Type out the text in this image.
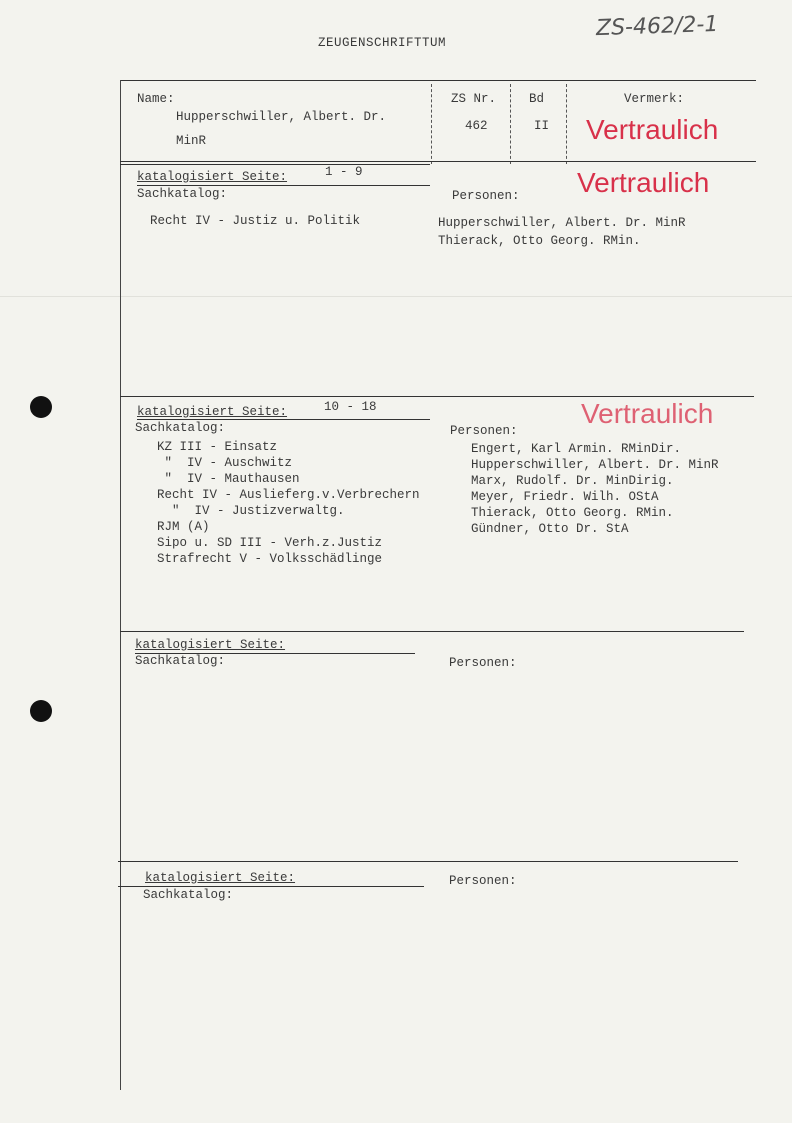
ZEUGENSCHRIFTTUM
ZS-462/2-1
Name:
Hupperschwiller, Albert. Dr.
MinR
ZS Nr.
462
Bd
II
Vermerk:
Vertraulich
katalogisiert Seite:	1 - 9
Sachkatalog:	Personen: Vertraulich
Recht IV - Justiz u. Politik	Hupperschwiller, Albert. Dr. MinR
Thierack, Otto Georg. RMin.
katalogisiert Seite:	10 - 18
Sachkatalog:	Personen:
Vertraulich
KZ III - Einsatz
"  IV - Auschwitz
"  IV - Mauthausen
Recht IV - Auslieferg.v.Verbrechern
"  IV - Justizverwaltg.
RJM (A)
Sipo u. SD III - Verh.z.Justiz
Strafrecht V - Volksschädlinge
Engert, Karl Armin. RMinDir.
Hupperschwiller, Albert. Dr. MinR
Marx, Rudolf. Dr. MinDirig.
Meyer, Friedr. Wilh. OStA
Thierack, Otto Georg. RMin.
Gündner, Otto Dr. StA
katalogisiert Seite:
Sachkatalog:	Personen:
katalogisiert Seite:
Sachkatalog:
Personen:
